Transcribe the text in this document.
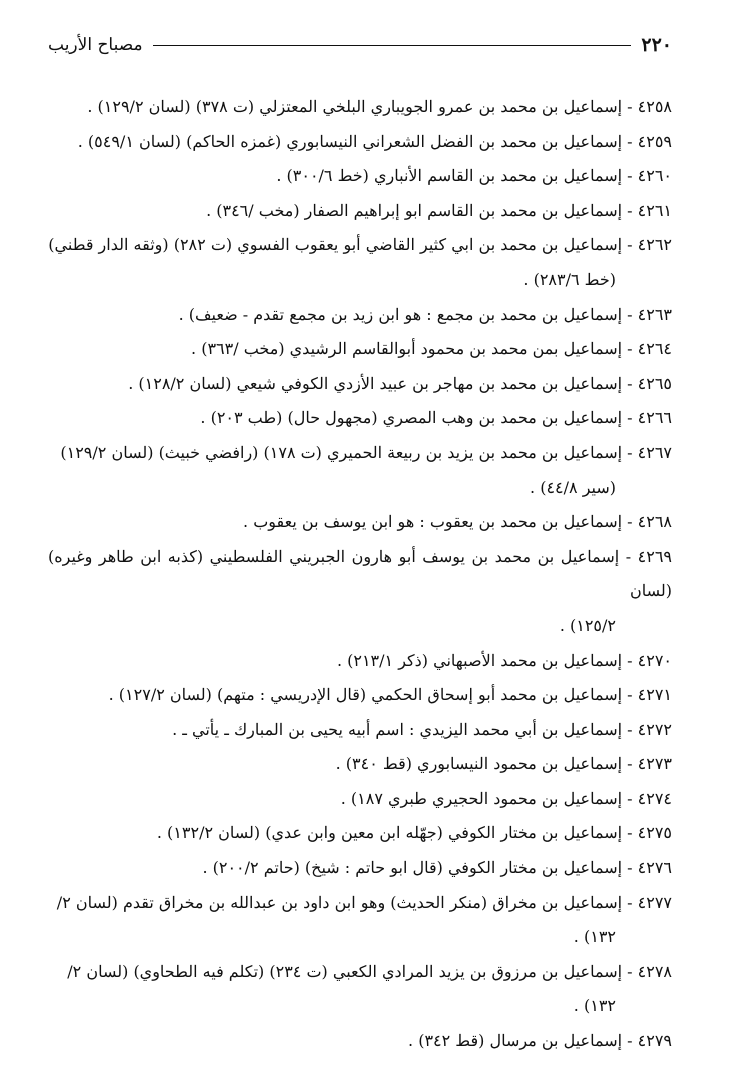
٢٢٠
مصباح الأريب
٤٢٥٨ - إسماعيل بن محمد بن عمرو الجويباري البلخي المعتزلي (ت ٣٧٨) (لسان ١٢٩/٢) .
٤٢٥٩ - إسماعيل بن محمد بن الفضل الشعراني النيسابوري (غمزه الحاكم) (لسان ٥٤٩/١) .
٤٢٦٠ - إسماعيل بن محمد بن القاسم الأنباري (خط ٣٠٠/٦) .
٤٢٦١ - إسماعيل بن محمد بن القاسم ابو إبراهيم الصفار (مخب /٣٤٦) .
٤٢٦٢ - إسماعيل بن محمد بن ابي كثير القاضي أبو يعقوب الفسوي (ت ٢٨٢) (وثقه الدار قطني)
(خط ٢٨٣/٦) .
٤٢٦٣ - إسماعيل بن محمد بن مجمع : هو ابن زيد بن مجمع تقدم - ضعيف) .
٤٢٦٤ - إسماعيل بمن محمد بن محمود أبوالقاسم الرشيدي (مخب /٣٦٣) .
٤٢٦٥ - إسماعيل بن محمد بن مهاجر بن عبيد الأزدي الكوفي شيعي (لسان ١٢٨/٢) .
٤٢٦٦ - إسماعيل بن محمد بن وهب المصري (مجهول حال) (طب ٢٠٣) .
٤٢٦٧ - إسماعيل بن محمد بن يزيد بن ربيعة الحميري (ت ١٧٨) (رافضي خبيث) (لسان ١٢٩/٢)
(سير ٤٤/٨) .
٤٢٦٨ - إسماعيل بن محمد بن يعقوب : هو ابن يوسف بن يعقوب .
٤٢٦٩ - إسماعيل بن محمد بن يوسف أبو هارون الجبريني الفلسطيني (كذبه ابن طاهر وغيره) (لسان
١٢٥/٢) .
٤٢٧٠ - إسماعيل بن محمد الأصبهاني (ذكر ٢١٣/١) .
٤٢٧١ - إسماعيل بن محمد أبو إسحاق الحكمي (قال الإدريسي : متهم) (لسان ١٢٧/٢) .
٤٢٧٢ - إسماعيل بن أبي محمد اليزيدي : اسم أبيه يحيى بن المبارك ـ يأتي ـ .
٤٢٧٣ - إسماعيل بن محمود النيسابوري (قط ٣٤٠) .
٤٢٧٤ - إسماعيل بن محمود الحجيري طبري ١٨٧) .
٤٢٧٥ - إسماعيل بن مختار الكوفي (جهّله ابن معين وابن عدي) (لسان ١٣٢/٢) .
٤٢٧٦ - إسماعيل بن مختار الكوفي (قال ابو حاتم : شيخ) (حاتم ٢٠٠/٢) .
٤٢٧٧ - إسماعيل بن مخراق (منكر الحديث) وهو ابن داود بن عبدالله بن مخراق تقدم (لسان ٢/
١٣٢) .
٤٢٧٨ - إسماعيل بن مرزوق بن يزيد المرادي الكعبي (ت ٢٣٤) (تكلم فيه الطحاوي) (لسان ٢/
١٣٢) .
٤٢٧٩ - إسماعيل بن مرسال (قط ٣٤٢) .
